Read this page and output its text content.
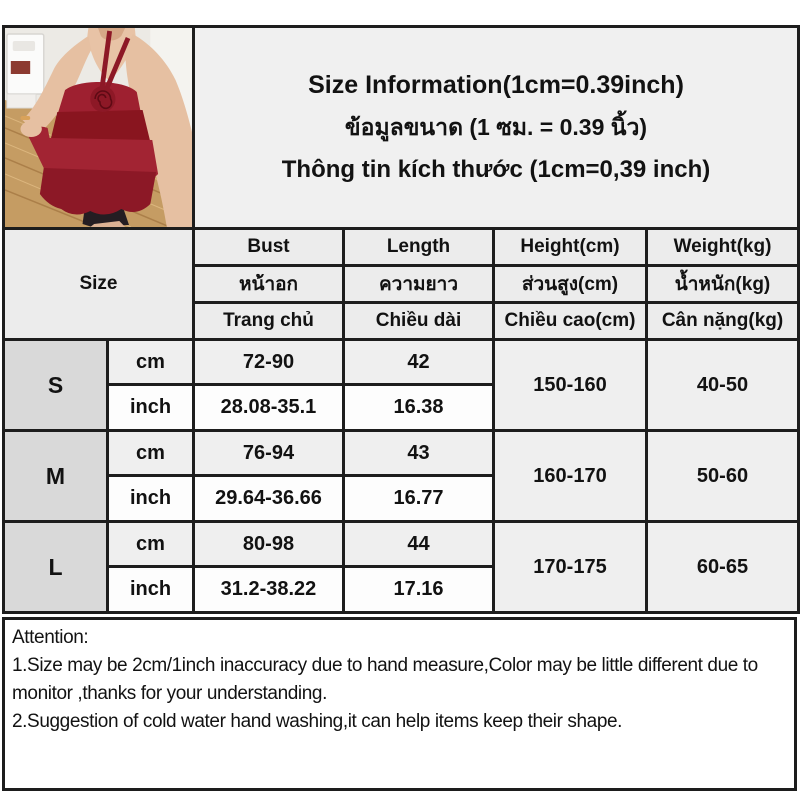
Size Information(1cm=0.39inch)
ข้อมูลขนาด (1 ซม. = 0.39 นิ้ว)
Thông tin kích thước (1cm=0,39 inch)			

Size		Bust	Length	Height(cm)	Weight(kg)
		หน้าอก	ความยาว	ส่วนสูง(cm)	น้ำหนัก(kg)
		Trang chủ	Chiều dài	Chiều cao(cm)	Cân nặng(kg)
S	cm	72-90	42	150-160	40-50
	inch	28.08-35.1	16.38		
M	cm	76-94	43	160-170	50-60
	inch	29.64-36.66	16.77		
L	cm	80-98	44	170-175	60-65
	inch	31.2-38.22	17.16		
Attention:
1.Size may be 2cm/1inch inaccuracy due to hand measure,Color may be little different due to monitor ,thanks for your understanding.
2.Suggestion of cold water hand washing,it can help items keep their shape.
